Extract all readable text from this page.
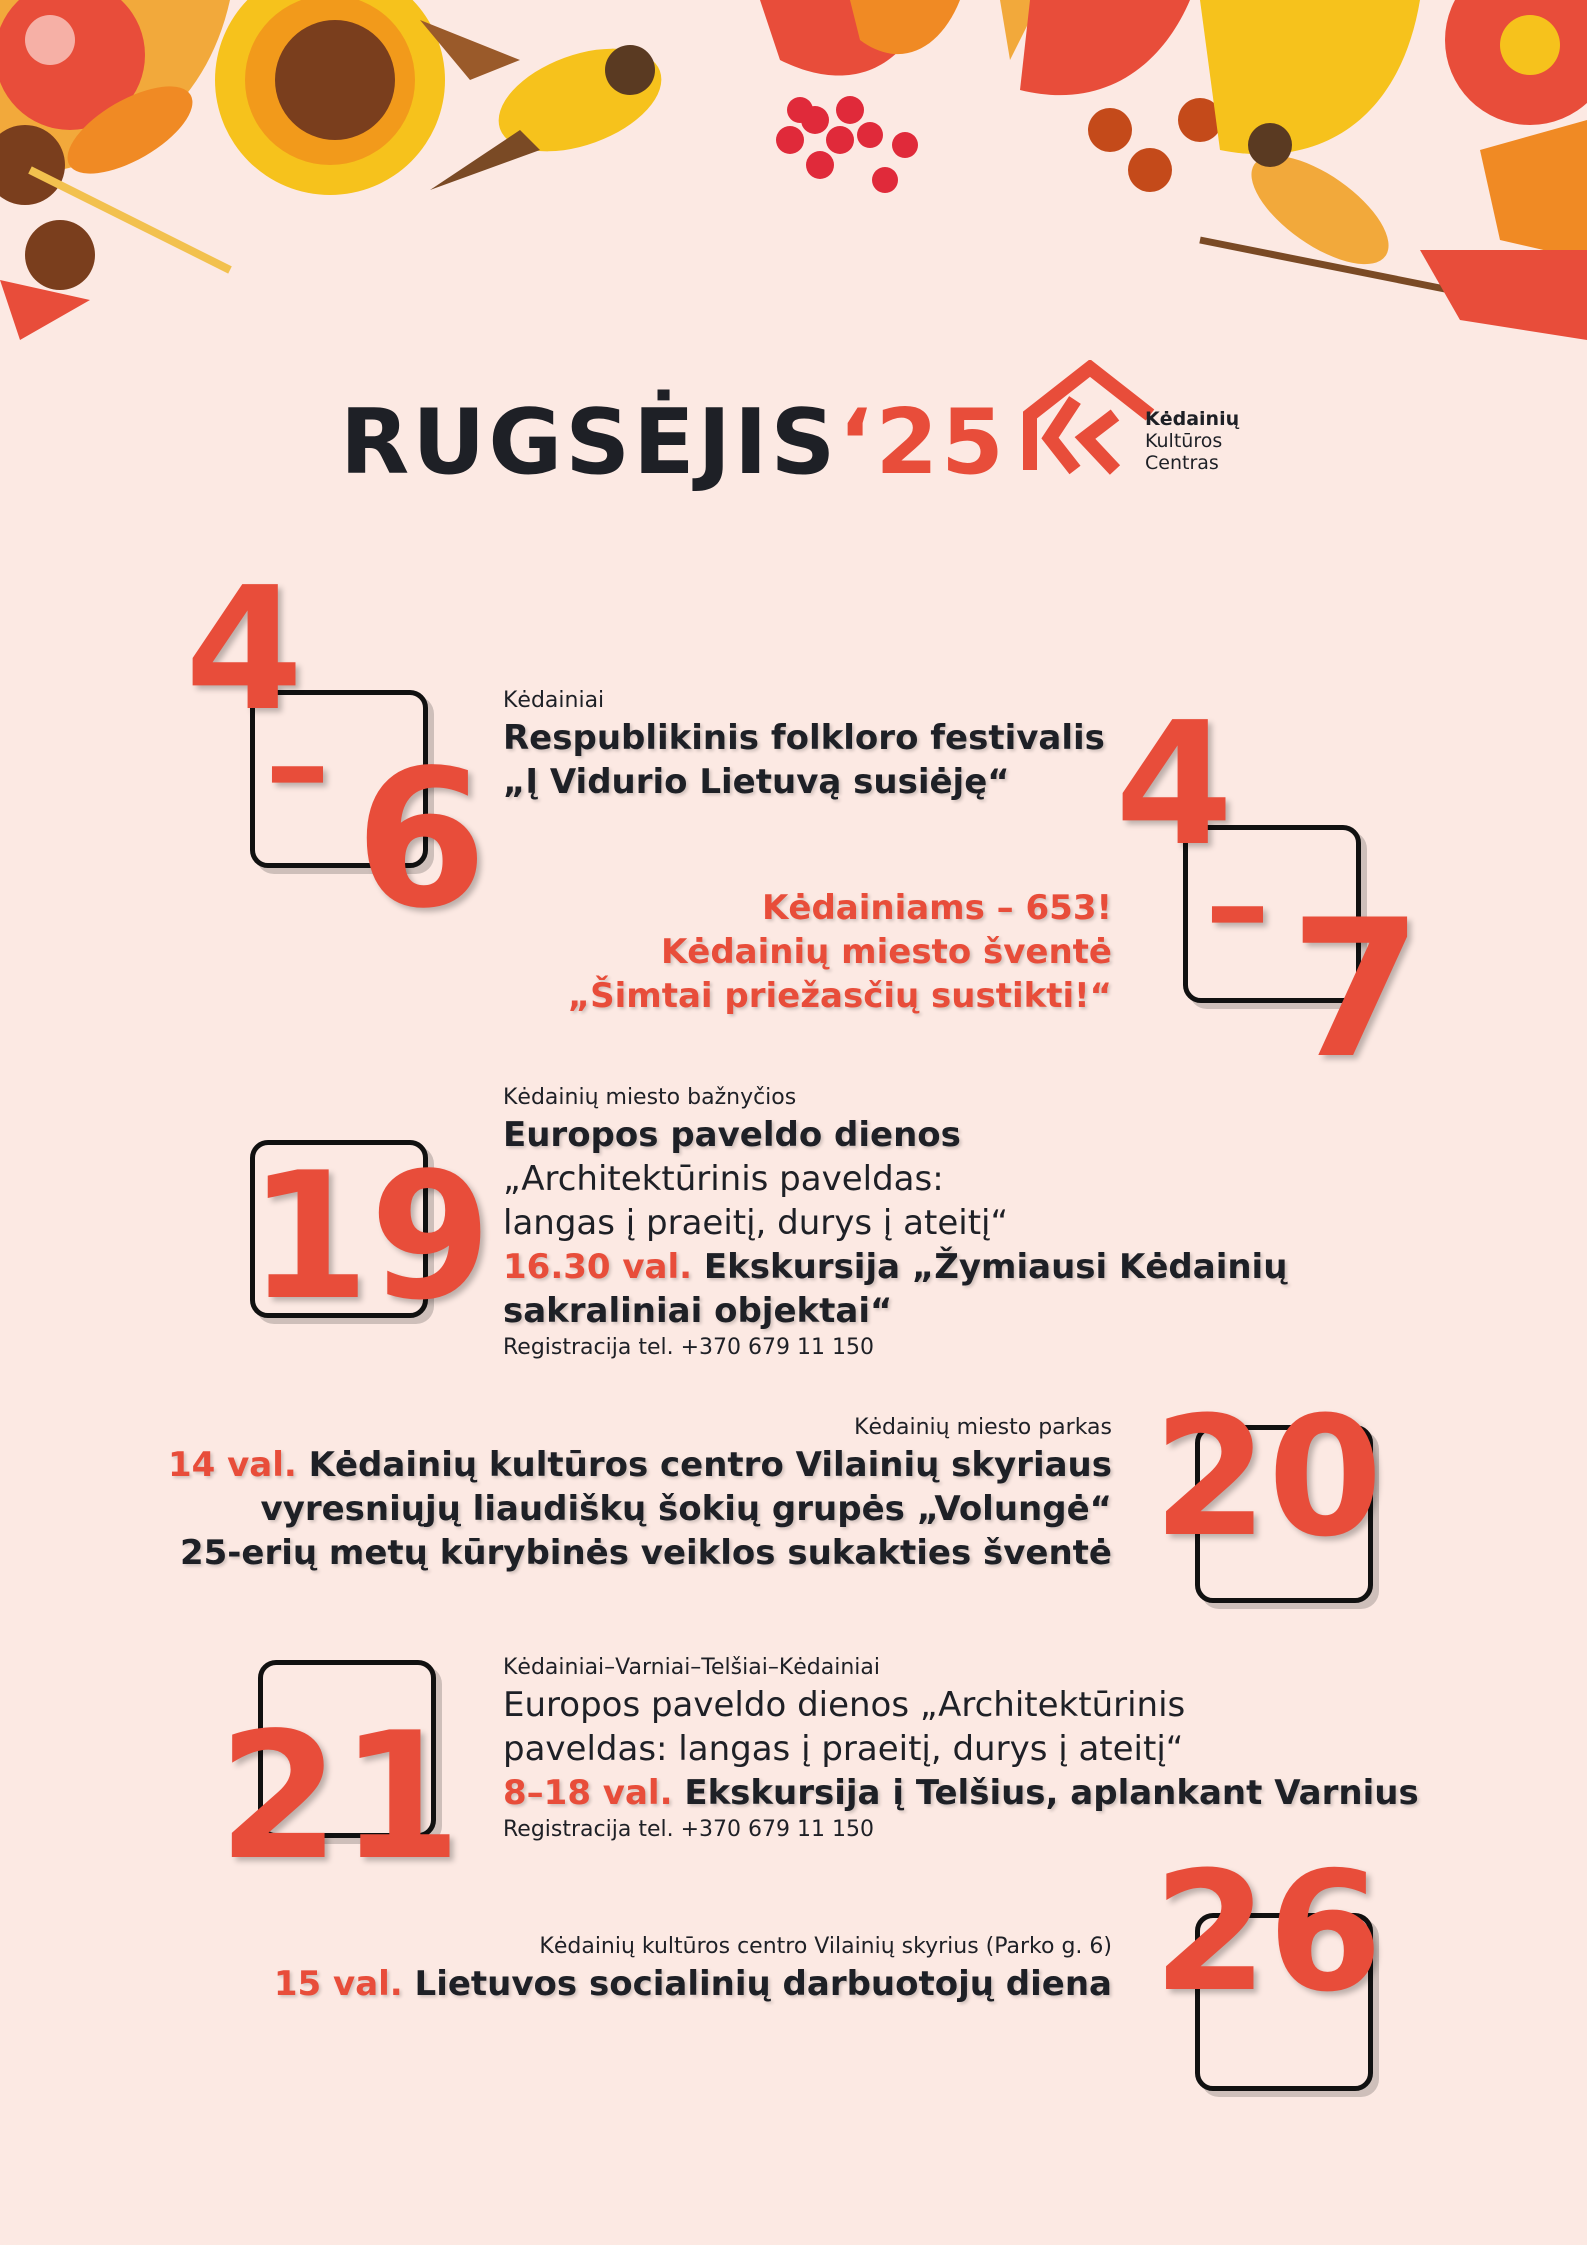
RUGSĖJIS‘25	Kėdainių
Kultūros
Centras
4
– 6
Kėdainiai
Respublikinis folkloro festivalis
„Į Vidurio Lietuvą susiėję“ 4
– 7
Kėdainiams – 653!
Kėdainių miesto šventė
„Šimtai priežasčių sustikti!“
19
Kėdainių miesto bažnyčios
Europos paveldo dienos
„Architektūrinis paveldas:
langas į praeitį, durys į ateitį“
16.30 val. Ekskursija „Žymiausi Kėdainių
sakraliniai objektai“
Registracija tel. +370 679 11 150
20
Kėdainių miesto parkas
14 val. Kėdainių kultūros centro Vilainių skyriaus
vyresniųjų liaudiškų šokių grupės „Volungė“
25-erių metų kūrybinės veiklos sukakties šventė
21
Kėdainiai–Varniai–Telšiai–Kėdainiai
Europos paveldo dienos „Architektūrinis
paveldas: langas į praeitį, durys į ateitį“
8–18 val. Ekskursija į Telšius, aplankant Varnius
Registracija tel. +370 679 11 150
26
Kėdainių kultūros centro Vilainių skyrius (Parko g. 6)
15 val. Lietuvos socialinių darbuotojų diena
